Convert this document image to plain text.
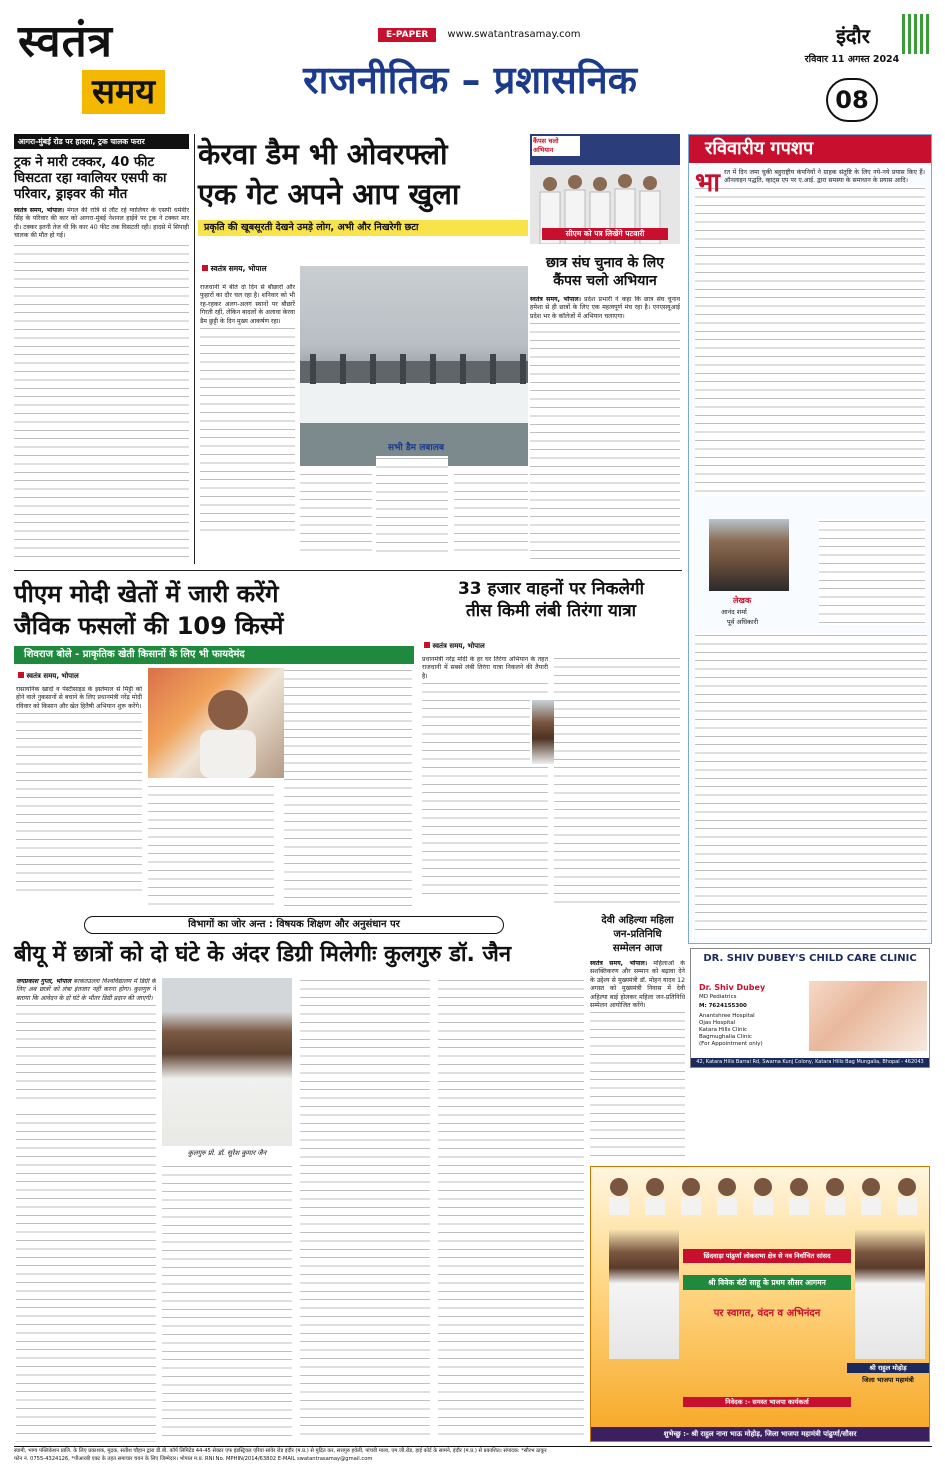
स्वतंत्र
समय
E-PAPER www.swatantrasamay.com
राजनीतिक – प्रशासनिक
इंदौर
रविवार 11 अगस्त 2024
08
आगरा-मुंबई रोड पर हादसा, ट्रक चालक फरार
ट्रक ने मारी टक्कर, 40 फीट घिसटता रहा ग्वालियर एसपी का परिवार, ड्राइवर की मौत
स्वतंत्र समय, भोपाल। मंगल की रात्रि से लौट रहे ग्वालियर के एसपी धर्मवीर सिंह के परिवार की कार को आगरा-मुंबई नेशनल हाईवे पर ट्रक ने टक्कर मार दी। टक्कर इतनी तेज थी कि कार 40 फीट तक घिसटती रही। हादसे में सिपाही चालक की मौत हो गई।
केरवा डैम भी ओवरफ्लो
एक गेट अपने आप खुला
प्रकृति की खूबसूरती देखने उमड़े लोग, अभी और निखरेगी छटा
स्वतंत्र समय, भोपाल
राजधानी में बीते दो दिन से बौछारों और फुहारों का दौर चल रहा है। शनिवार को भी रह-रहकर अलग-अलग स्थानों पर बौछारें गिरती रहीं, लेकिन बादलों के अलावा केरवा डैम छुट्टी के दिन मुख्य आकर्षण रहा।
सभी डैम लबालब
कैंपस चलो अभियान
सीएम को पत्र लिखेंगे पटवारी
छात्र संघ चुनाव के लिए कैंपस चलो अभियान
स्वतंत्र समय, भोपाल। प्रदेश प्रभारी ने कहा कि छात्र संघ चुनाव हमेशा से ही छात्रों के लिए एक महत्वपूर्ण मंच रहा है। एनएसयूआई प्रदेश भर के कॉलेजों में अभियान चलाएगा।
रविवारीय गपशप
भा रत में दिन जमा चुकी बहुराष्ट्रीय कंपनियों ने ग्राहक संतुष्टि के लिए नये-नये प्रयास किए हैं। ऑनलाइन पद्धति, व्हाट्स एप पर ए.आई. द्वारा समस्या के समाधान के प्रयास आदि।
लेखक
आनंद शर्मा
पूर्व अधिकारी
पीएम मोदी खेतों में जारी करेंगे
जैविक फसलों की 109 किस्में
शिवराज बोले - प्राकृतिक खेती किसानों के लिए भी फायदेमंद
स्वतंत्र समय, भोपाल
रासायनिक खादों व पेस्टीसाइड के इस्तेमाल से मिट्टी को होने वाले नुकसानों से बचाने के लिए प्रधानमंत्री नरेंद्र मोदी रविवार को किसान और खेत हितैषी अभियान शुरू करेंगे।
33 हजार वाहनों पर निकलेगी
तीस किमी लंबी तिरंगा यात्रा
स्वतंत्र समय, भोपाल
प्रधानमंत्री नरेंद्र मोदी के हर घर तिरंगा अभियान के तहत राजधानी में सबसे लंबी तिरंगा यात्रा निकलने की तैयारी है।
देवी अहिल्या महिला
जन-प्रतिनिधि
सम्मेलन आज
स्वतंत्र समय, भोपाल। महिलाओं के सशक्तिकरण और सम्मान को बढ़ावा देने के उद्देश्य से मुख्यमंत्री डॉ. मोहन यादव 12 अगस्त को मुख्यमंत्री निवास में देवी अहिल्या बाई होलकर महिला जन-प्रतिनिधि सम्मेलन आयोजित करेंगे।
विभागों का जोर अन्त : विषयक शिक्षण और अनुसंधान पर
बीयू में छात्रों को दो घंटे के अंदर डिग्री मिलेगीः कुलगुरु डॉ. जैन
जयप्रकाश गुप्ता, भोपाल बरकतउल्ला विश्वविद्यालय में डिग्री के लिए अब छात्रों को लंबा इंतजार नहीं करना होगा। कुलगुरु ने बताया कि आवेदन के दो घंटे के भीतर डिग्री प्रदान की जाएगी।
कुलगुरु प्रो. डॉ. सुरेश कुमार जैन
DR. SHIV DUBEY'S CHILD CARE CLINIC
Dr. Shiv Dubey
MD Pediatrics
M: 7624155300
Anantshree Hospital
Ojas Hospital
Katara Hills Clinic
Bagmughalia Clinic
(For Appointment only)
42, Katara Hills Barrai Rd, Swarna Kunj Colony, Katara Hills Bag Mungalia, Bhopal - 462043
छिंदवाड़ा पांढुर्णा लोकसभा क्षेत्र से नव निर्वाचित सांसद
श्री विवेक बंटी साहू के प्रथम सौसर आगमन
पर स्वागत, वंदन व अभिनंदन
श्री राहुल मोहोड़
जिला भाजपा महामंत्री
निवेदक :- समस्त भाजपा कार्यकर्ता
शुभेच्छु :- श्री राहुल नाना भाऊ मोहोड़, जिला भाजपा महामंत्री पांढुर्णा/सौसर
स्वामी, भाग्य पब्लिकेशन प्रालि. के लिए प्रकाशक, मुद्रक, सतीश चौहान द्वारा डी.बी. कॉर्प लिमिटेड 44-45 सेक्टर एफ इंडस्ट्रियल एरिया सांवेर रोड इंदौर (म.प्र.) से मुद्रित कर, सत्तगुरु हवेली, पांचवी माला, एम.जी.रोड, हाई कोर्ट के सामने, इंदौर (म.प्र.) से प्रकाशित। संपादक: *सौरभ ठाकुर
फोन नं. 0755-4324126, *पीआरबी एक्ट के तहत समाचार चयन के लिए जिम्मेदार। भोपाल म.प्र. RNI No. MPHIN/2014/63802 E-MAIL swatantrasamay@gmail.com
